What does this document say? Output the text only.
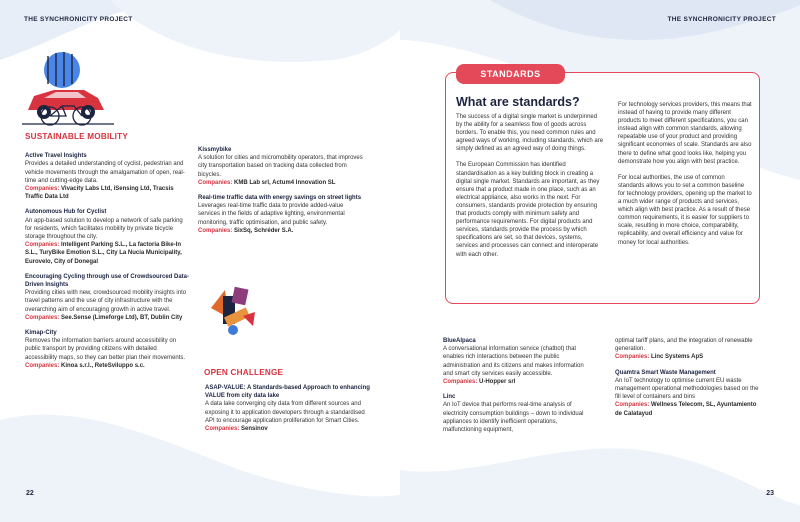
THE SYNCHRONICITY PROJECT
SUSTAINABLE MOBILITY
Active Travel Insights
Provides a detailed understanding of cyclist, pedestrian and vehicle movements through the amalgamation of open, real-time and cutting-edge data.
Companies: Vivacity Labs Ltd, iSensing Ltd, Tracsis Traffic Data Ltd
Autonomous Hub for Cyclist
An app-based solution to develop a network of safe parking for residents, which facilitates mobility by private bicycle storage throughout the city.
Companies: Intelligent Parking S.L., La factoria Bike-In S.L., TuryBike Emotion S.L., City La Nucia Municipality, Eurovelo, City of Donegal
Encouraging Cycling through use of Crowdsourced Data-Driven Insights
Providing cities with new, crowdsourced mobility insights into travel patterns and the use of city infrastructure with the overarching aim of encouraging growth in active travel.
Companies: See.Sense (Limeforge Ltd), BT, Dublin City
Kimap-City
Removes the information barriers around accessibility on public transport by providing citizens with detailed accessibility maps, so they can better plan their movements.
Companies: Kinoa s.r.l., ReteSviluppo s.c.
Kissmybike
A solution for cities and micromobility operators, that improves city transportation based on tracking data collected from bicycles.
Companies: KMB Lab srl, Actum4 Innovation SL
Real-time traffic data with energy savings on street lights
Leverages real-time traffic data to provide added-value services in the fields of adaptive lighting, environmental monitoring, traffic optimisation, and public safety.
Companies: SixSq, Schréder S.A.
OPEN CHALLENGE
ASAP-VALUE: A Standards-based Approach to enhancing VALUE from city data lake
A data lake converging city data from different sources and exposing it to application developers through a standardised API to encourage application proliferation for Smart Cities.
Companies: Sensinov
22
THE SYNCHRONICITY PROJECT
STANDARDS
What are standards?

The success of a digital single market is underpinned by the ability for a seamless flow of goods across borders. To enable this, you need common rules and agreed ways of working, including standards, which are simply defined as an agreed way of doing things.

The European Commission has identified standardisation as a key building block in creating a digital single market. Standards are important, as they ensure that a product made in one place, such as an electrical appliance, also works in the next. For consumers, standards provide protection by ensuring that products comply with minimum safety and performance requirements. For digital products and services, standards provide the process by which specifications are set, so that devices, systems, services and processes can connect and interoperate with each other.

For technology services providers, this means that instead of having to provide many different products to meet different specifications, you can instead align with common standards, allowing repeatable use of your product and providing significant economies of scale. Standards are also there to define what good looks like, helping you demonstrate how you align with best practice.

For local authorities, the use of common standards allows you to set a common baseline for technology providers, opening up the market to a much wider range of products and services, which align with best practice. As a result of these common requirements, it is easier for suppliers to scale, resulting in more choice, comparability, replicability, and overall efficiency and value for money for local authorities.

BlueAlpaca
A conversational information service (chatbot) that enables rich interactions between the public administration and its citizens and makes information and smart city services easily accessible.
Companies: U-Hopper srl
Linc
An IoT device that performs real-time analysis of electricity consumption buildings – down to individual appliances to identify inefficient operations, malfunctioning equipment,
optimal tariff plans, and the integration of renewable generation.
Companies: Linc Systems ApS
Quamtra Smart Waste Management
An IoT technology to optimise current EU waste management operational methodologies based on the fill level of containers and bins
Companies: Wellness Telecom, SL, Ayuntamiento de Calatayud
23
